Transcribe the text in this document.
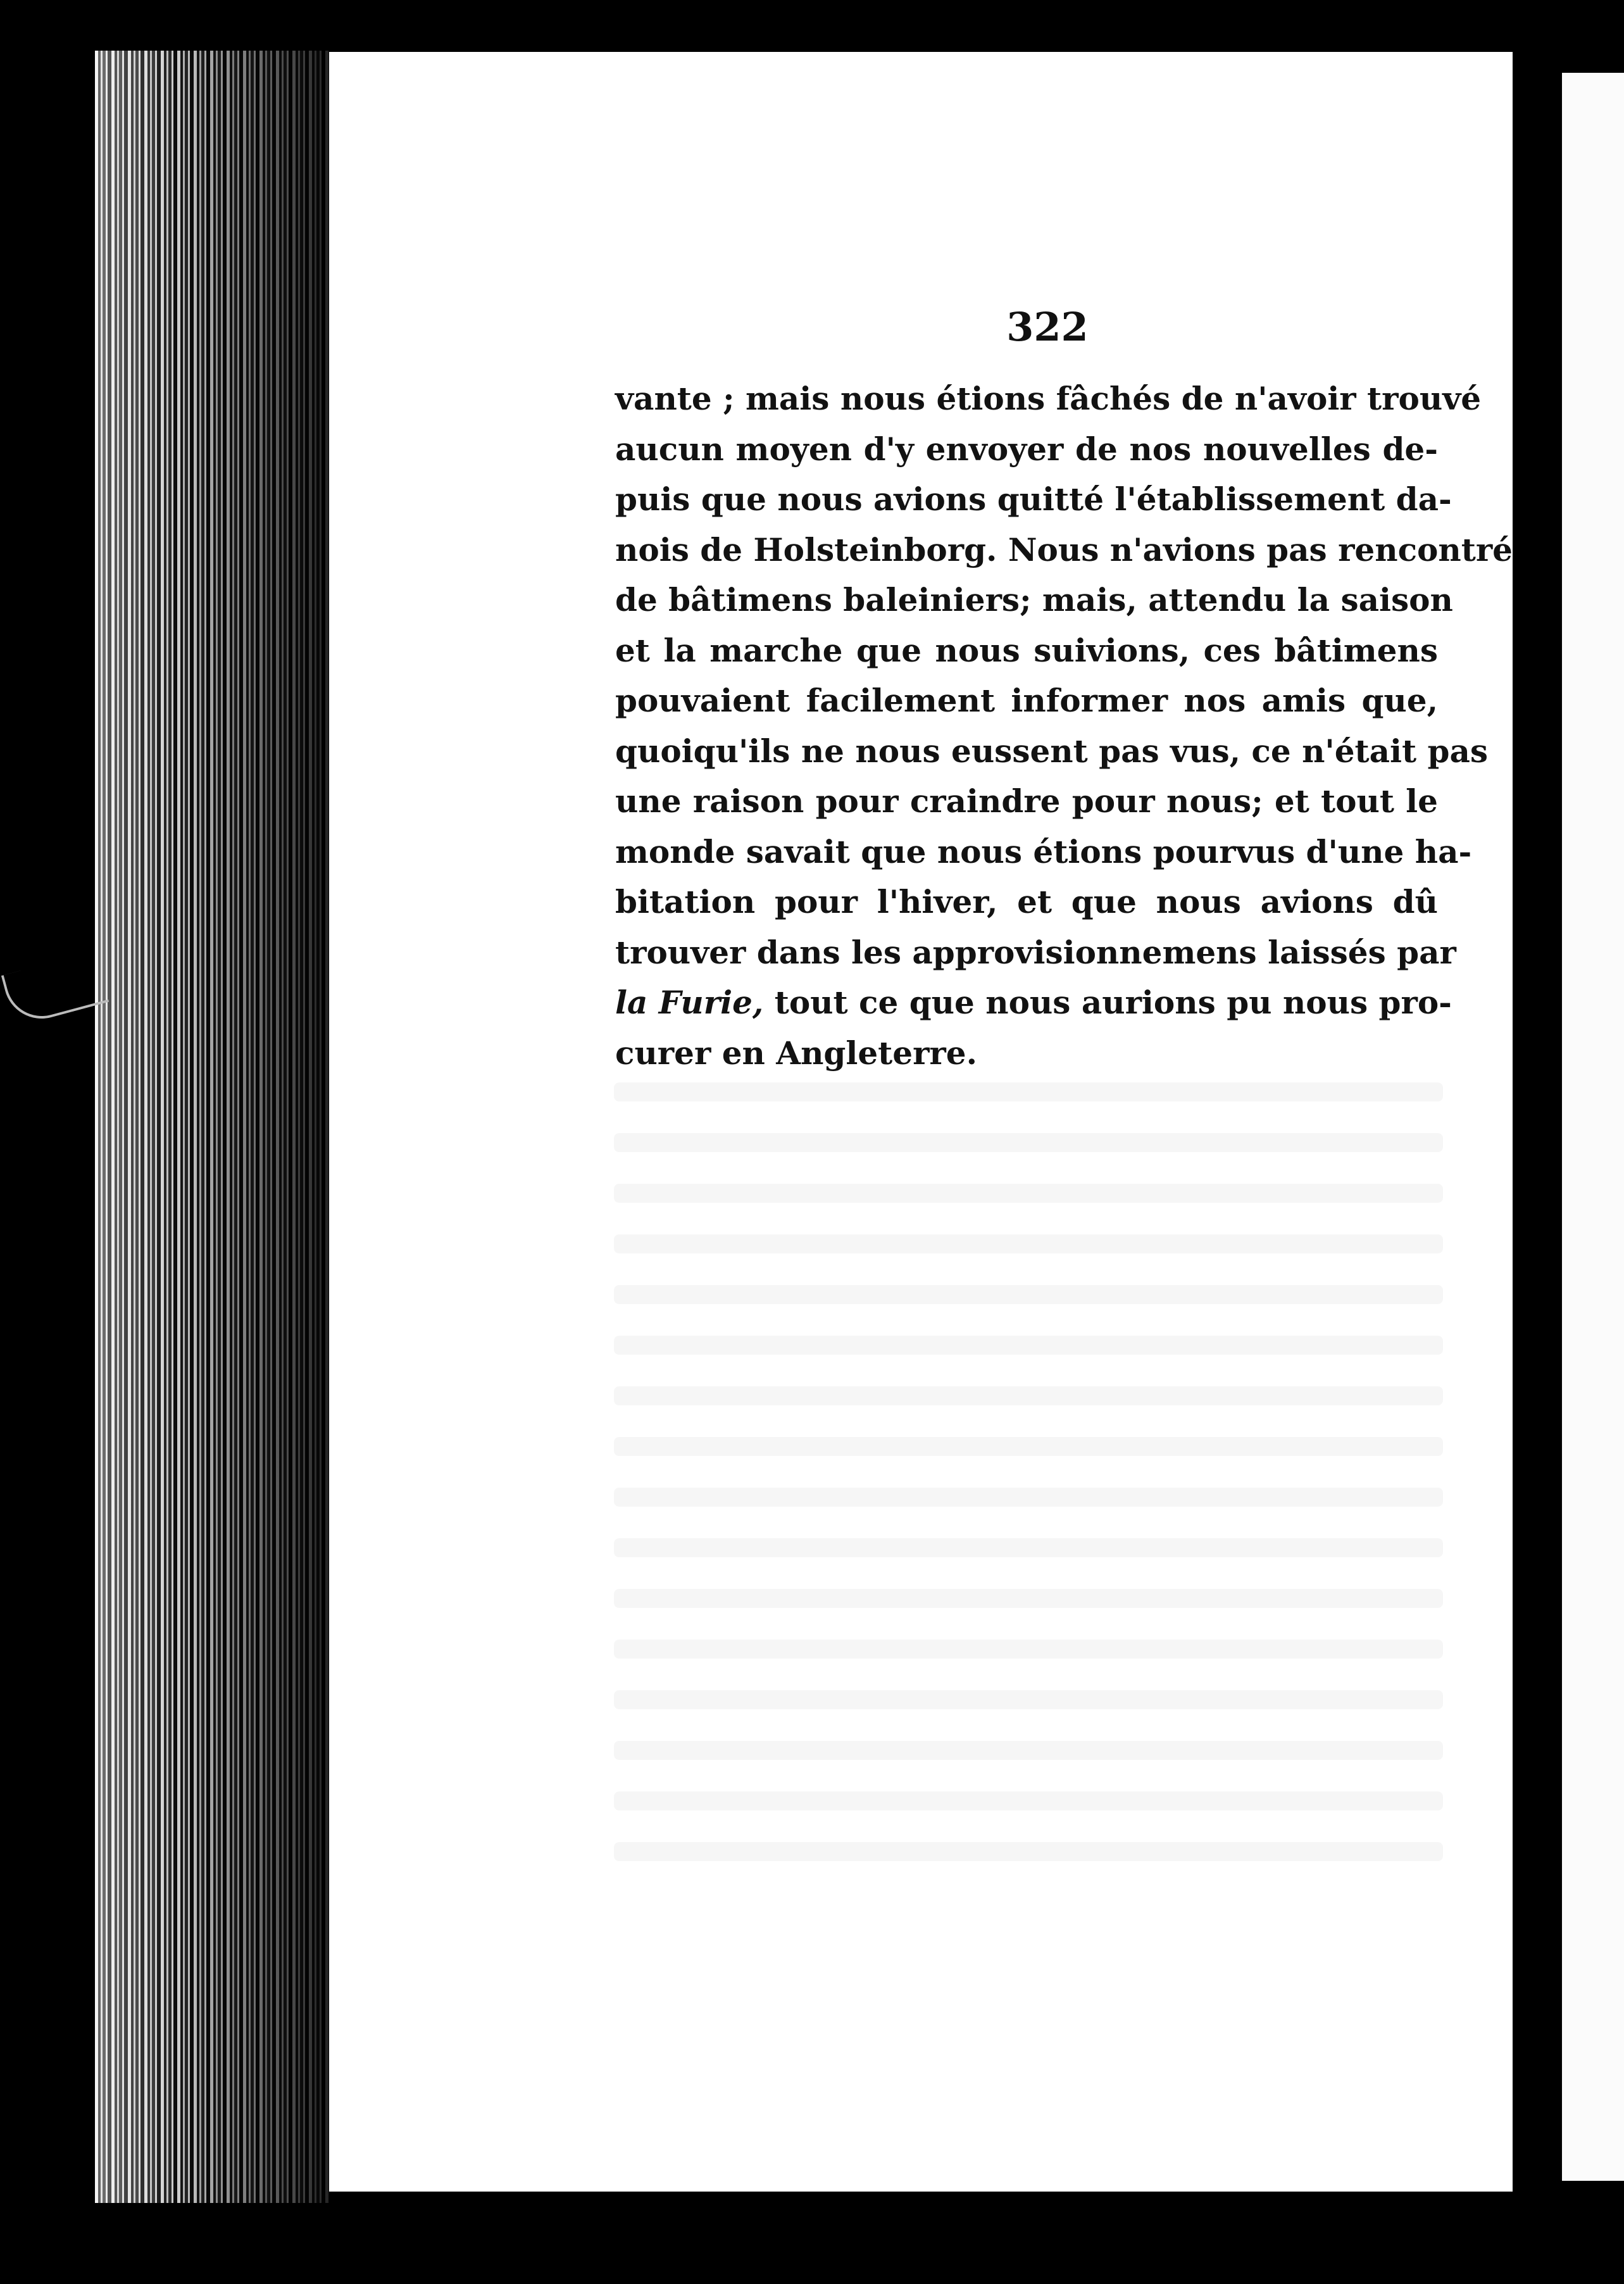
322
vante ; mais nous étions fâchés de n'avoir trouvé
aucun moyen d'y envoyer de nos nouvelles de-
puis que nous avions quitté l'établissement da-
nois de Holsteinborg. Nous n'avions pas rencontré
de bâtimens baleiniers; mais, attendu la saison
et la marche que nous suivions, ces bâtimens
pouvaient facilement informer nos amis que,
quoiqu'ils ne nous eussent pas vus, ce n'était pas
une raison pour craindre pour nous; et tout le
monde savait que nous étions pourvus d'une ha-
bitation pour l'hiver, et que nous avions dû
trouver dans les approvisionnemens laissés par
la Furie, tout ce que nous aurions pu nous pro-
curer en Angleterre.
